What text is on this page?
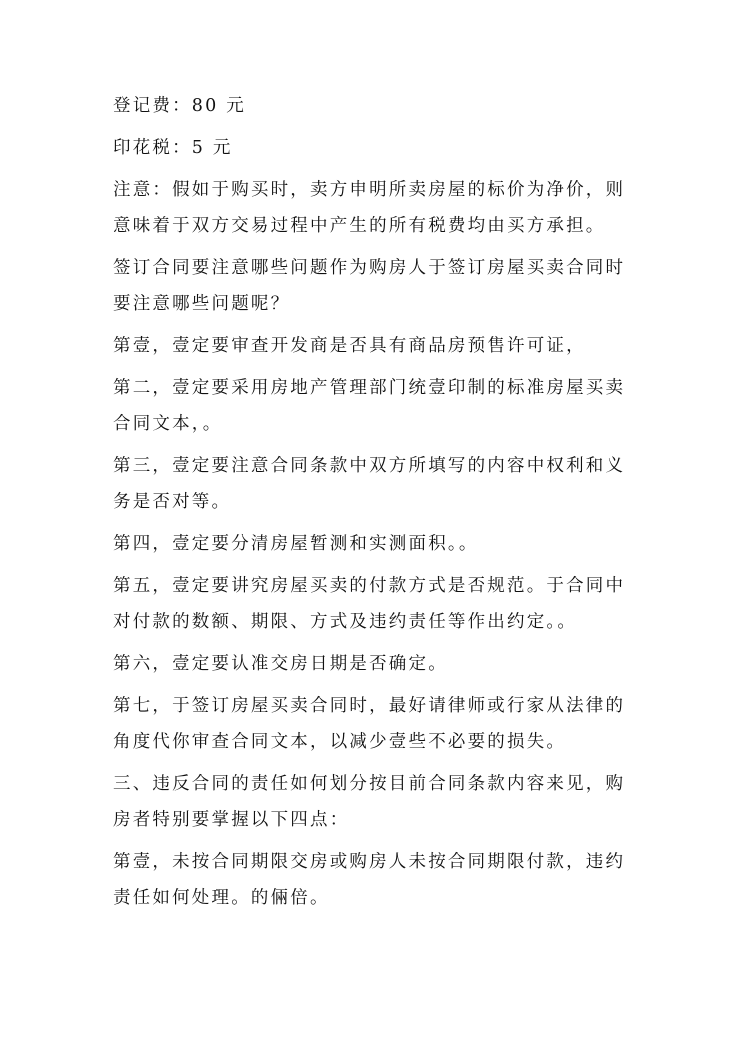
登记费：80 元

印花税：5 元

注意：假如于购买时，卖方申明所卖房屋的标价为净价，则意味着于双方交易过程中产生的所有税费均由买方承担。

签订合同要注意哪些问题作为购房人于签订房屋买卖合同时要注意哪些问题呢？

第壹，壹定要审查开发商是否具有商品房预售许可证，

第二，壹定要采用房地产管理部门统壹印制的标准房屋买卖合同文本，。

第三，壹定要注意合同条款中双方所填写的内容中权利和义务是否对等。

第四，壹定要分清房屋暂测和实测面积。。

第五，壹定要讲究房屋买卖的付款方式是否规范。于合同中对付款的数额、期限、方式及违约责任等作出约定。。

第六，壹定要认准交房日期是否确定。

第七，于签订房屋买卖合同时，最好请律师或行家从法律的角度代你审查合同文本，以减少壹些不必要的损失。

三、违反合同的责任如何划分按目前合同条款内容来见，购房者特别要掌握以下四点：

第壹，未按合同期限交房或购房人未按合同期限付款，违约责任如何处理。的倆倍。
